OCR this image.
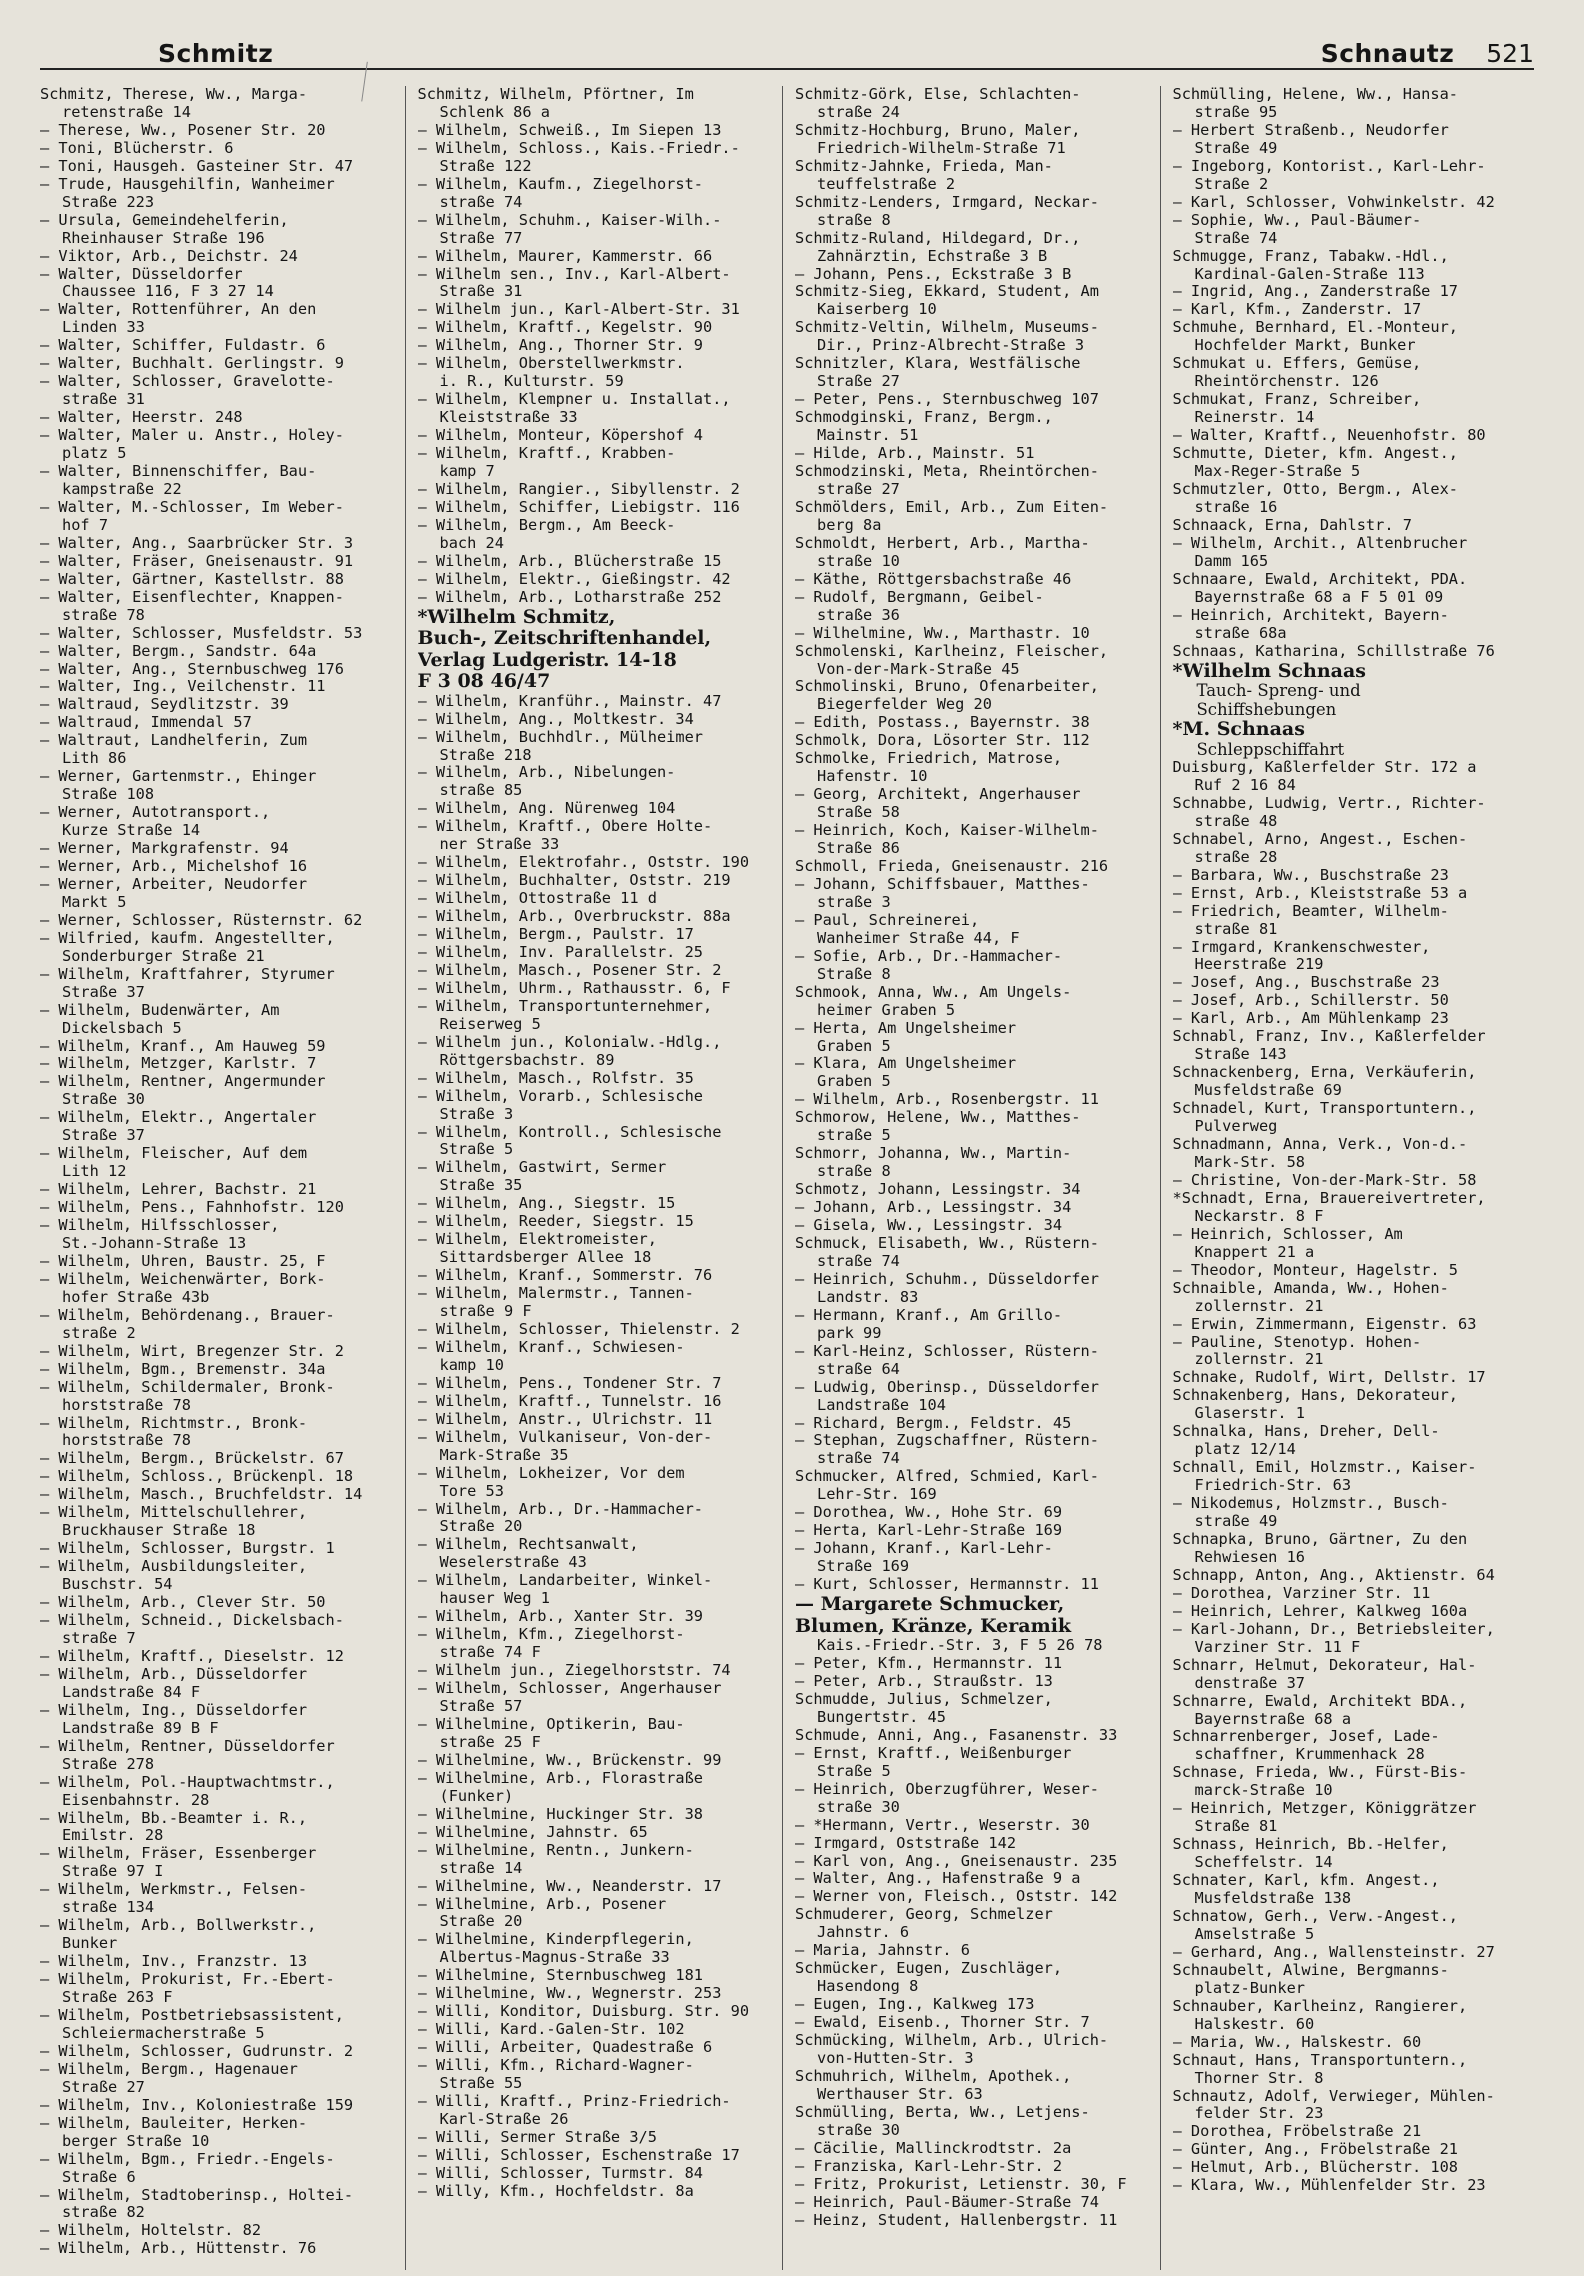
Schmitz	Schnautz 521
Schmitz, Therese, Ww., Marga-
retenstraße 14
— Therese, Ww., Posener Str. 20
— Toni, Blücherstr. 6
— Toni, Hausgeh. Gasteiner Str. 47
— Trude, Hausgehilfin, Wanheimer
Straße 223
— Ursula, Gemeindehelferin,
Rheinhauser Straße 196
— Viktor, Arb., Deichstr. 24
— Walter, Düsseldorfer
Chaussee 116, F 3 27 14
— Walter, Rottenführer, An den
Linden 33
— Walter, Schiffer, Fuldastr. 6
— Walter, Buchhalt. Gerlingstr. 9
— Walter, Schlosser, Gravelotte-
straße 31
— Walter, Heerstr. 248
— Walter, Maler u. Anstr., Holey-
platz 5
— Walter, Binnenschiffer, Bau-
kampstraße 22
— Walter, M.-Schlosser, Im Weber-
hof 7
— Walter, Ang., Saarbrücker Str. 3
— Walter, Fräser, Gneisenaustr. 91
— Walter, Gärtner, Kastellstr. 88
— Walter, Eisenflechter, Knappen-
straße 78
— Walter, Schlosser, Musfeldstr. 53
— Walter, Bergm., Sandstr. 64a
— Walter, Ang., Sternbuschweg 176
— Walter, Ing., Veilchenstr. 11
— Waltraud, Seydlitzstr. 39
— Waltraud, Immendal 57
— Waltraut, Landhelferin, Zum
Lith 86
— Werner, Gartenmstr., Ehinger
Straße 108
— Werner, Autotransport.,
Kurze Straße 14
— Werner, Markgrafenstr. 94
— Werner, Arb., Michelshof 16
— Werner, Arbeiter, Neudorfer
Markt 5
— Werner, Schlosser, Rüsternstr. 62
— Wilfried, kaufm. Angestellter,
Sonderburger Straße 21
— Wilhelm, Kraftfahrer, Styrumer
Straße 37
— Wilhelm, Budenwärter, Am
Dickelsbach 5
— Wilhelm, Kranf., Am Hauweg 59
— Wilhelm, Metzger, Karlstr. 7
— Wilhelm, Rentner, Angermunder
Straße 30
— Wilhelm, Elektr., Angertaler
Straße 37
— Wilhelm, Fleischer, Auf dem
Lith 12
— Wilhelm, Lehrer, Bachstr. 21
— Wilhelm, Pens., Fahnhofstr. 120
— Wilhelm, Hilfsschlosser,
St.-Johann-Straße 13
— Wilhelm, Uhren, Baustr. 25, F
— Wilhelm, Weichenwärter, Bork-
hofer Straße 43b
— Wilhelm, Behördenang., Brauer-
straße 2
— Wilhelm, Wirt, Bregenzer Str. 2
— Wilhelm, Bgm., Bremenstr. 34a
— Wilhelm, Schildermaler, Bronk-
horststraße 78
— Wilhelm, Richtmstr., Bronk-
horststraße 78
— Wilhelm, Bergm., Brückelstr. 67
— Wilhelm, Schloss., Brückenpl. 18
— Wilhelm, Masch., Bruchfeldstr. 14
— Wilhelm, Mittelschullehrer,
Bruckhauser Straße 18
— Wilhelm, Schlosser, Burgstr. 1
— Wilhelm, Ausbildungsleiter,
Buschstr. 54
— Wilhelm, Arb., Clever Str. 50
— Wilhelm, Schneid., Dickelsbach-
straße 7
— Wilhelm, Kraftf., Dieselstr. 12
— Wilhelm, Arb., Düsseldorfer
Landstraße 84 F
— Wilhelm, Ing., Düsseldorfer
Landstraße 89 B F
— Wilhelm, Rentner, Düsseldorfer
Straße 278
— Wilhelm, Pol.-Hauptwachtmstr.,
Eisenbahnstr. 28
— Wilhelm, Bb.-Beamter i. R.,
Emilstr. 28
— Wilhelm, Fräser, Essenberger
Straße 97 I
— Wilhelm, Werkmstr., Felsen-
straße 134
— Wilhelm, Arb., Bollwerkstr.,
Bunker
— Wilhelm, Inv., Franzstr. 13
— Wilhelm, Prokurist, Fr.-Ebert-
Straße 263 F
— Wilhelm, Postbetriebsassistent,
Schleiermacherstraße 5
— Wilhelm, Schlosser, Gudrunstr. 2
— Wilhelm, Bergm., Hagenauer
Straße 27
— Wilhelm, Inv., Koloniestraße 159
— Wilhelm, Bauleiter, Herken-
berger Straße 10
— Wilhelm, Bgm., Friedr.-Engels-
Straße 6
— Wilhelm, Stadtoberinsp., Holtei-
straße 82
— Wilhelm, Holtelstr. 82
— Wilhelm, Arb., Hüttenstr. 76
Schmitz, Wilhelm, Pförtner, Im
Schlenk 86 a
— Wilhelm, Schweiß., Im Siepen 13
— Wilhelm, Schloss., Kais.-Friedr.-
Straße 122
— Wilhelm, Kaufm., Ziegelhorst-
straße 74
— Wilhelm, Schuhm., Kaiser-Wilh.-
Straße 77
— Wilhelm, Maurer, Kammerstr. 66
— Wilhelm sen., Inv., Karl-Albert-
Straße 31
— Wilhelm jun., Karl-Albert-Str. 31
— Wilhelm, Kraftf., Kegelstr. 90
— Wilhelm, Ang., Thorner Str. 9
— Wilhelm, Oberstellwerkmstr.
i. R., Kulturstr. 59
— Wilhelm, Klempner u. Installat.,
Kleiststraße 33
— Wilhelm, Monteur, Köpershof 4
— Wilhelm, Kraftf., Krabben-
kamp 7
— Wilhelm, Rangier., Sibyllenstr. 2
— Wilhelm, Schiffer, Liebigstr. 116
— Wilhelm, Bergm., Am Beeck-
bach 24
— Wilhelm, Arb., Blücherstraße 15
— Wilhelm, Elektr., Gießingstr. 42
— Wilhelm, Arb., Lotharstraße 252
*Wilhelm Schmitz,
Buch-, Zeitschriftenhandel,
Verlag Ludgeristr. 14-18
F 3 08 46/47
— Wilhelm, Kranführ., Mainstr. 47
— Wilhelm, Ang., Moltkestr. 34
— Wilhelm, Buchhdlr., Mülheimer
Straße 218
— Wilhelm, Arb., Nibelungen-
straße 85
— Wilhelm, Ang. Nürenweg 104
— Wilhelm, Kraftf., Obere Holte-
ner Straße 33
— Wilhelm, Elektrofahr., Oststr. 190
— Wilhelm, Buchhalter, Oststr. 219
— Wilhelm, Ottostraße 11 d
— Wilhelm, Arb., Overbruckstr. 88a
— Wilhelm, Bergm., Paulstr. 17
— Wilhelm, Inv. Parallelstr. 25
— Wilhelm, Masch., Posener Str. 2
— Wilhelm, Uhrm., Rathausstr. 6, F
— Wilhelm, Transportunternehmer,
Reiserweg 5
— Wilhelm jun., Kolonialw.-Hdlg.,
Röttgersbachstr. 89
— Wilhelm, Masch., Rolfstr. 35
— Wilhelm, Vorarb., Schlesische
Straße 3
— Wilhelm, Kontroll., Schlesische
Straße 5
— Wilhelm, Gastwirt, Sermer
Straße 35
— Wilhelm, Ang., Siegstr. 15
— Wilhelm, Reeder, Siegstr. 15
— Wilhelm, Elektromeister,
Sittardsberger Allee 18
— Wilhelm, Kranf., Sommerstr. 76
— Wilhelm, Malermstr., Tannen-
straße 9 F
— Wilhelm, Schlosser, Thielenstr. 2
— Wilhelm, Kranf., Schwiesen-
kamp 10
— Wilhelm, Pens., Tondener Str. 7
— Wilhelm, Kraftf., Tunnelstr. 16
— Wilhelm, Anstr., Ulrichstr. 11
— Wilhelm, Vulkaniseur, Von-der-
Mark-Straße 35
— Wilhelm, Lokheizer, Vor dem
Tore 53
— Wilhelm, Arb., Dr.-Hammacher-
Straße 20
— Wilhelm, Rechtsanwalt,
Weselerstraße 43
— Wilhelm, Landarbeiter, Winkel-
hauser Weg 1
— Wilhelm, Arb., Xanter Str. 39
— Wilhelm, Kfm., Ziegelhorst-
straße 74 F
— Wilhelm jun., Ziegelhorststr. 74
— Wilhelm, Schlosser, Angerhauser
Straße 57
— Wilhelmine, Optikerin, Bau-
straße 25 F
— Wilhelmine, Ww., Brückenstr. 99
— Wilhelmine, Arb., Florastraße
(Funker)
— Wilhelmine, Huckinger Str. 38
— Wilhelmine, Jahnstr. 65
— Wilhelmine, Rentn., Junkern-
straße 14
— Wilhelmine, Ww., Neanderstr. 17
— Wilhelmine, Arb., Posener
Straße 20
— Wilhelmine, Kinderpflegerin,
Albertus-Magnus-Straße 33
— Wilhelmine, Sternbuschweg 181
— Wilhelmine, Ww., Wegnerstr. 253
— Willi, Konditor, Duisburg. Str. 90
— Willi, Kard.-Galen-Str. 102
— Willi, Arbeiter, Quadestraße 6
— Willi, Kfm., Richard-Wagner-
Straße 55
— Willi, Kraftf., Prinz-Friedrich-
Karl-Straße 26
— Willi, Sermer Straße 3/5
— Willi, Schlosser, Eschenstraße 17
— Willi, Schlosser, Turmstr. 84
— Willy, Kfm., Hochfeldstr. 8a
Schmitz-Görk, Else, Schlachten-
straße 24
Schmitz-Hochburg, Bruno, Maler,
Friedrich-Wilhelm-Straße 71
Schmitz-Jahnke, Frieda, Man-
teuffelstraße 2
Schmitz-Lenders, Irmgard, Neckar-
straße 8
Schmitz-Ruland, Hildegard, Dr.,
Zahnärztin, Echstraße 3 B
— Johann, Pens., Eckstraße 3 B
Schmitz-Sieg, Ekkard, Student, Am
Kaiserberg 10
Schmitz-Veltin, Wilhelm, Museums-
Dir., Prinz-Albrecht-Straße 3
Schnitzler, Klara, Westfälische
Straße 27
— Peter, Pens., Sternbuschweg 107
Schmodginski, Franz, Bergm.,
Mainstr. 51
— Hilde, Arb., Mainstr. 51
Schmodzinski, Meta, Rheintörchen-
straße 27
Schmölders, Emil, Arb., Zum Eiten-
berg 8a
Schmoldt, Herbert, Arb., Martha-
straße 10
— Käthe, Röttgersbachstraße 46
— Rudolf, Bergmann, Geibel-
straße 36
— Wilhelmine, Ww., Marthastr. 10
Schmolenski, Karlheinz, Fleischer,
Von-der-Mark-Straße 45
Schmolinski, Bruno, Ofenarbeiter,
Biegerfelder Weg 20
— Edith, Postass., Bayernstr. 38
Schmolk, Dora, Lösorter Str. 112
Schmolke, Friedrich, Matrose,
Hafenstr. 10
— Georg, Architekt, Angerhauser
Straße 58
— Heinrich, Koch, Kaiser-Wilhelm-
Straße 86
Schmoll, Frieda, Gneisenaustr. 216
— Johann, Schiffsbauer, Matthes-
straße 3
— Paul, Schreinerei,
Wanheimer Straße 44, F
— Sofie, Arb., Dr.-Hammacher-
Straße 8
Schmook, Anna, Ww., Am Ungels-
heimer Graben 5
— Herta, Am Ungelsheimer
Graben 5
— Klara, Am Ungelsheimer
Graben 5
— Wilhelm, Arb., Rosenbergstr. 11
Schmorow, Helene, Ww., Matthes-
straße 5
Schmorr, Johanna, Ww., Martin-
straße 8
Schmotz, Johann, Lessingstr. 34
— Johann, Arb., Lessingstr. 34
— Gisela, Ww., Lessingstr. 34
Schmuck, Elisabeth, Ww., Rüstern-
straße 74
— Heinrich, Schuhm., Düsseldorfer
Landstr. 83
— Hermann, Kranf., Am Grillo-
park 99
— Karl-Heinz, Schlosser, Rüstern-
straße 64
— Ludwig, Oberinsp., Düsseldorfer
Landstraße 104
— Richard, Bergm., Feldstr. 45
— Stephan, Zugschaffner, Rüstern-
straße 74
Schmucker, Alfred, Schmied, Karl-
Lehr-Str. 169
— Dorothea, Ww., Hohe Str. 69
— Herta, Karl-Lehr-Straße 169
— Johann, Kranf., Karl-Lehr-
Straße 169
— Kurt, Schlosser, Hermannstr. 11
— Margarete Schmucker,
Blumen, Kränze, Keramik
Kais.-Friedr.-Str. 3, F 5 26 78
— Peter, Kfm., Hermannstr. 11
— Peter, Arb., Straußstr. 13
Schmudde, Julius, Schmelzer,
Bungertstr. 45
Schmude, Anni, Ang., Fasanenstr. 33
— Ernst, Kraftf., Weißenburger
Straße 5
— Heinrich, Oberzugführer, Weser-
straße 30
— *Hermann, Vertr., Weserstr. 30
— Irmgard, Oststraße 142
— Karl von, Ang., Gneisenaustr. 235
— Walter, Ang., Hafenstraße 9 a
— Werner von, Fleisch., Oststr. 142
Schmuderer, Georg, Schmelzer
Jahnstr. 6
— Maria, Jahnstr. 6
Schmücker, Eugen, Zuschläger,
Hasendong 8
— Eugen, Ing., Kalkweg 173
— Ewald, Eisenb., Thorner Str. 7
Schmücking, Wilhelm, Arb., Ulrich-
von-Hutten-Str. 3
Schmuhrich, Wilhelm, Apothek.,
Werthauser Str. 63
Schmülling, Berta, Ww., Letjens-
straße 30
— Cäcilie, Mallinckrodtstr. 2a
— Franziska, Karl-Lehr-Str. 2
— Fritz, Prokurist, Letienstr. 30, F
— Heinrich, Paul-Bäumer-Straße 74
— Heinz, Student, Hallenbergstr. 11
Schmülling, Helene, Ww., Hansa-
straße 95
— Herbert Straßenb., Neudorfer
Straße 49
— Ingeborg, Kontorist., Karl-Lehr-
Straße 2
— Karl, Schlosser, Vohwinkelstr. 42
— Sophie, Ww., Paul-Bäumer-
Straße 74
Schmugge, Franz, Tabakw.-Hdl.,
Kardinal-Galen-Straße 113
— Ingrid, Ang., Zanderstraße 17
— Karl, Kfm., Zanderstr. 17
Schmuhe, Bernhard, El.-Monteur,
Hochfelder Markt, Bunker
Schmukat u. Effers, Gemüse,
Rheintörchenstr. 126
Schmukat, Franz, Schreiber,
Reinerstr. 14
— Walter, Kraftf., Neuenhofstr. 80
Schmutte, Dieter, kfm. Angest.,
Max-Reger-Straße 5
Schmutzler, Otto, Bergm., Alex-
straße 16
Schnaack, Erna, Dahlstr. 7
— Wilhelm, Archit., Altenbrucher
Damm 165
Schnaare, Ewald, Architekt, PDA.
Bayernstraße 68 a F 5 01 09
— Heinrich, Architekt, Bayern-
straße 68a
Schnaas, Katharina, Schillstraße 76
*Wilhelm Schnaas
Tauch- Spreng- und
Schiffshebungen
*M. Schnaas
Schleppschiffahrt
Duisburg, Kaßlerfelder Str. 172 a
Ruf 2 16 84
Schnabbe, Ludwig, Vertr., Richter-
straße 48
Schnabel, Arno, Angest., Eschen-
straße 28
— Barbara, Ww., Buschstraße 23
— Ernst, Arb., Kleiststraße 53 a
— Friedrich, Beamter, Wilhelm-
straße 81
— Irmgard, Krankenschwester,
Heerstraße 219
— Josef, Ang., Buschstraße 23
— Josef, Arb., Schillerstr. 50
— Karl, Arb., Am Mühlenkamp 23
Schnabl, Franz, Inv., Kaßlerfelder
Straße 143
Schnackenberg, Erna, Verkäuferin,
Musfeldstraße 69
Schnadel, Kurt, Transportuntern.,
Pulverweg
Schnadmann, Anna, Verk., Von-d.-
Mark-Str. 58
— Christine, Von-der-Mark-Str. 58
*Schnadt, Erna, Brauereivertreter,
Neckarstr. 8 F
— Heinrich, Schlosser, Am
Knappert 21 a
— Theodor, Monteur, Hagelstr. 5
Schnaible, Amanda, Ww., Hohen-
zollernstr. 21
— Erwin, Zimmermann, Eigenstr. 63
— Pauline, Stenotyp. Hohen-
zollernstr. 21
Schnake, Rudolf, Wirt, Dellstr. 17
Schnakenberg, Hans, Dekorateur,
Glaserstr. 1
Schnalka, Hans, Dreher, Dell-
platz 12/14
Schnall, Emil, Holzmstr., Kaiser-
Friedrich-Str. 63
— Nikodemus, Holzmstr., Busch-
straße 49
Schnapka, Bruno, Gärtner, Zu den
Rehwiesen 16
Schnapp, Anton, Ang., Aktienstr. 64
— Dorothea, Varziner Str. 11
— Heinrich, Lehrer, Kalkweg 160a
— Karl-Johann, Dr., Betriebsleiter,
Varziner Str. 11 F
Schnarr, Helmut, Dekorateur, Hal-
denstraße 37
Schnarre, Ewald, Architekt BDA.,
Bayernstraße 68 a
Schnarrenberger, Josef, Lade-
schaffner, Krummenhack 28
Schnase, Frieda, Ww., Fürst-Bis-
marck-Straße 10
— Heinrich, Metzger, Königgrätzer
Straße 81
Schnass, Heinrich, Bb.-Helfer,
Scheffelstr. 14
Schnater, Karl, kfm. Angest.,
Musfeldstraße 138
Schnatow, Gerh., Verw.-Angest.,
Amselstraße 5
— Gerhard, Ang., Wallensteinstr. 27
Schnaubelt, Alwine, Bergmanns-
platz-Bunker
Schnauber, Karlheinz, Rangierer,
Halskestr. 60
— Maria, Ww., Halskestr. 60
Schnaut, Hans, Transportuntern.,
Thorner Str. 8
Schnautz, Adolf, Verwieger, Mühlen-
felder Str. 23
— Dorothea, Fröbelstraße 21
— Günter, Ang., Fröbelstraße 21
— Helmut, Arb., Blücherstr. 108
— Klara, Ww., Mühlenfelder Str. 23
